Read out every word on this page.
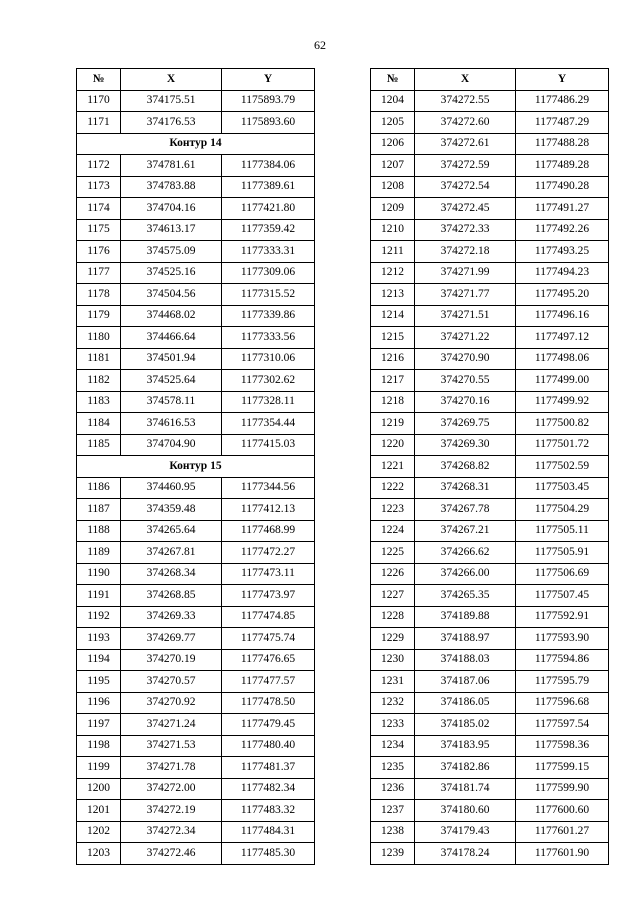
62
№	X	Y
1170	374175.51	1175893.79
1171	374176.53	1175893.60
Контур 14		
1172	374781.61	1177384.06
1173	374783.88	1177389.61
1174	374704.16	1177421.80
1175	374613.17	1177359.42
1176	374575.09	1177333.31
1177	374525.16	1177309.06
1178	374504.56	1177315.52
1179	374468.02	1177339.86
1180	374466.64	1177333.56
1181	374501.94	1177310.06
1182	374525.64	1177302.62
1183	374578.11	1177328.11
1184	374616.53	1177354.44
1185	374704.90	1177415.03
Контур 15		
1186	374460.95	1177344.56
1187	374359.48	1177412.13
1188	374265.64	1177468.99
1189	374267.81	1177472.27
1190	374268.34	1177473.11
1191	374268.85	1177473.97
1192	374269.33	1177474.85
1193	374269.77	1177475.74
1194	374270.19	1177476.65
1195	374270.57	1177477.57
1196	374270.92	1177478.50
1197	374271.24	1177479.45
1198	374271.53	1177480.40
1199	374271.78	1177481.37
1200	374272.00	1177482.34
1201	374272.19	1177483.32
1202	374272.34	1177484.31
1203	374272.46	1177485.30
№	X	Y
1204	374272.55	1177486.29
1205	374272.60	1177487.29
1206	374272.61	1177488.28
1207	374272.59	1177489.28
1208	374272.54	1177490.28
1209	374272.45	1177491.27
1210	374272.33	1177492.26
1211	374272.18	1177493.25
1212	374271.99	1177494.23
1213	374271.77	1177495.20
1214	374271.51	1177496.16
1215	374271.22	1177497.12
1216	374270.90	1177498.06
1217	374270.55	1177499.00
1218	374270.16	1177499.92
1219	374269.75	1177500.82
1220	374269.30	1177501.72
1221	374268.82	1177502.59
1222	374268.31	1177503.45
1223	374267.78	1177504.29
1224	374267.21	1177505.11
1225	374266.62	1177505.91
1226	374266.00	1177506.69
1227	374265.35	1177507.45
1228	374189.88	1177592.91
1229	374188.97	1177593.90
1230	374188.03	1177594.86
1231	374187.06	1177595.79
1232	374186.05	1177596.68
1233	374185.02	1177597.54
1234	374183.95	1177598.36
1235	374182.86	1177599.15
1236	374181.74	1177599.90
1237	374180.60	1177600.60
1238	374179.43	1177601.27
1239	374178.24	1177601.90
